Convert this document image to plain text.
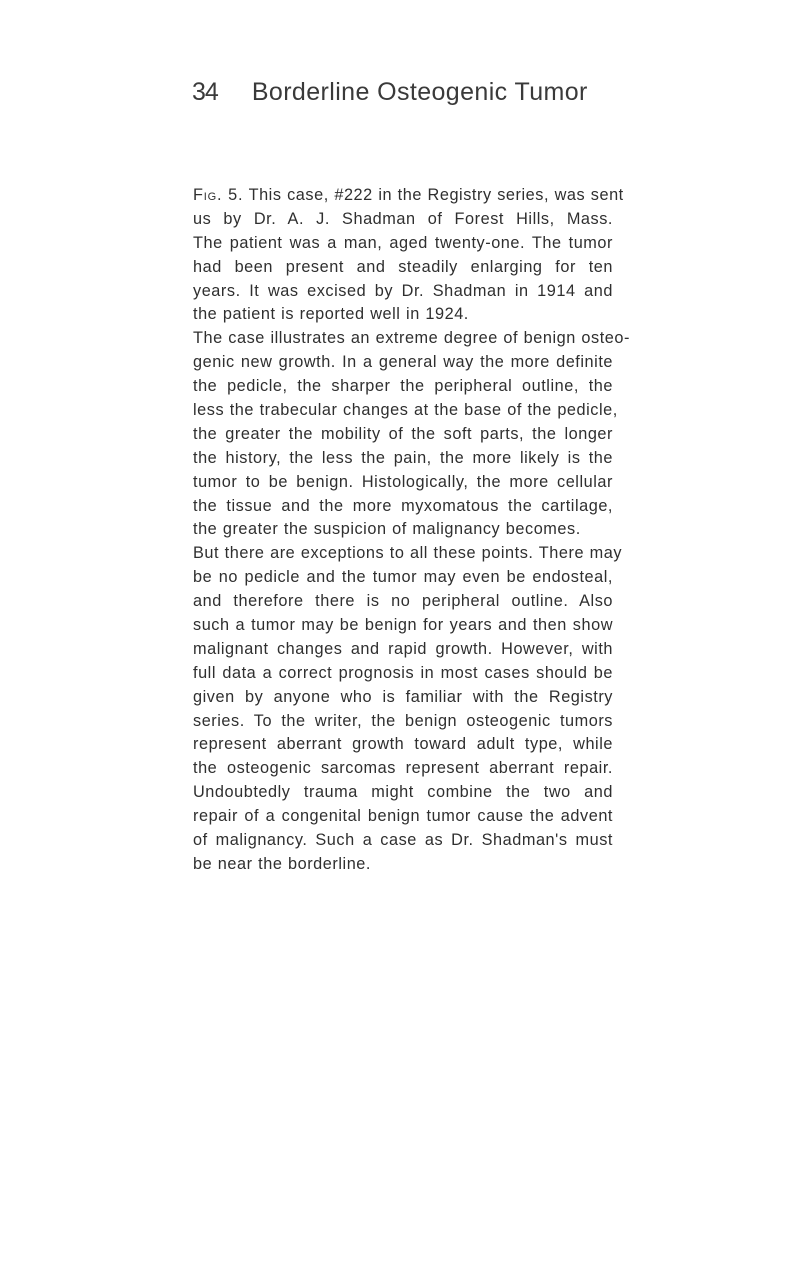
34 Borderline Osteogenic Tumor
Fig. 5. This case, #222 in the Registry series, was sent
us by Dr. A. J. Shadman of Forest Hills, Mass.
The patient was a man, aged twenty-one. The tumor
had been present and steadily enlarging for ten
years. It was excised by Dr. Shadman in 1914 and
the patient is reported well in 1924.
The case illustrates an extreme degree of benign osteo-
genic new growth. In a general way the more definite
the pedicle, the sharper the peripheral outline, the
less the trabecular changes at the base of the pedicle,
the greater the mobility of the soft parts, the longer
the history, the less the pain, the more likely is the
tumor to be benign. Histologically, the more cellular
the tissue and the more myxomatous the cartilage,
the greater the suspicion of malignancy becomes.
But there are exceptions to all these points. There may
be no pedicle and the tumor may even be endosteal,
and therefore there is no peripheral outline. Also
such a tumor may be benign for years and then show
malignant changes and rapid growth. However, with
full data a correct prognosis in most cases should be
given by anyone who is familiar with the Registry
series. To the writer, the benign osteogenic tumors
represent aberrant growth toward adult type, while
the osteogenic sarcomas represent aberrant repair.
Undoubtedly trauma might combine the two and
repair of a congenital benign tumor cause the advent
of malignancy. Such a case as Dr. Shadman's must
be near the borderline.
